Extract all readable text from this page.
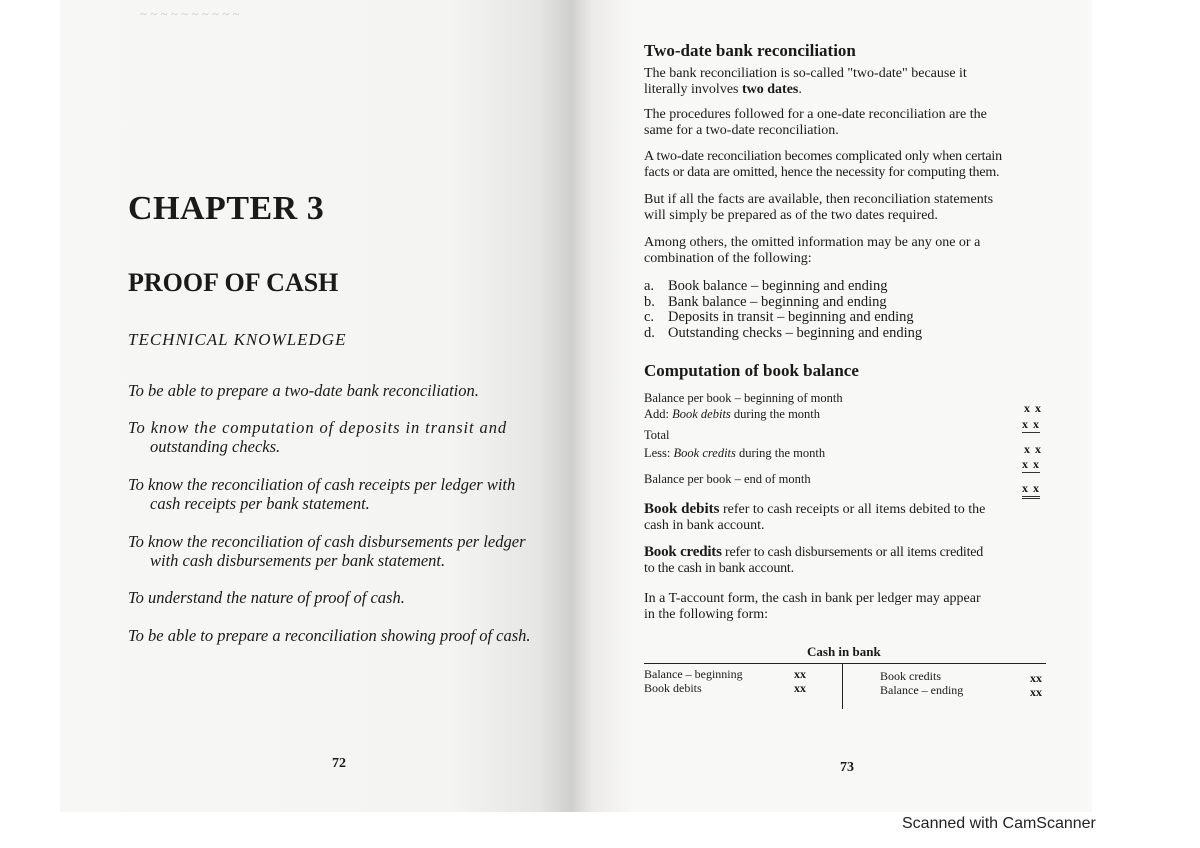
~ ~ ~ ~ ~ ~ ~ ~ ~ ~
CHAPTER 3
PROOF OF CASH
TECHNICAL KNOWLEDGE
To be able to prepare a two-date bank reconciliation.
To know the computation of deposits in transit and
outstanding checks.
To know the reconciliation of cash receipts per ledger with
cash receipts per bank statement.
To know the reconciliation of cash disbursements per ledger
with cash disbursements per bank statement.
To understand the nature of proof of cash.
To be able to prepare a reconciliation showing proof of cash.
72
Two-date bank reconciliation
The bank reconciliation is so-called "two-date" because it
literally involves two dates.
The procedures followed for a one-date reconciliation are the
same for a two-date reconciliation.
A two-date reconciliation becomes complicated only when certain
facts or data are omitted, hence the necessity for computing them.
But if all the facts are available, then reconciliation statements
will simply be prepared as of the two dates required.
Among others, the omitted information may be any one or a
combination of the following:
a. Book balance – beginning and ending
b. Bank balance – beginning and ending
c. Deposits in transit – beginning and ending
d. Outstanding checks – beginning and ending
Computation of book balance
Balance per book – beginning of month
x x
Add: Book debits during the month
x x
Total
x x
Less: Book credits during the month
x x
Balance per book – end of month
x x
Book debits refer to cash receipts or all items debited to the
cash in bank account.
Book credits refer to cash disbursements or all items credited
to the cash in bank account.
In a T-account form, the cash in bank per ledger may appear
in the following form:
Cash in bank
Balance – beginning
Book debits
xx
xx
Book credits
Balance – ending
xx
xx
73
Scanned with CamScanner
